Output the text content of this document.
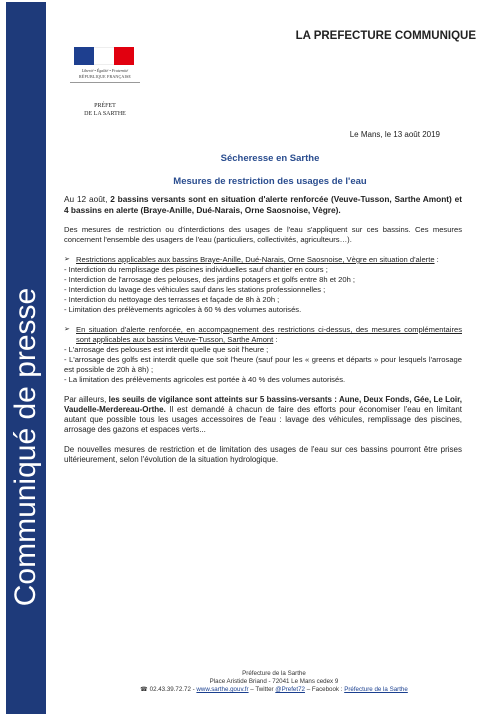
Communiqué de presse
LA PREFECTURE COMMUNIQUE
Liberté • Égalité • Fraternité
RÉPUBLIQUE FRANÇAISE
PRÉFET
DE LA SARTHE
Le Mans, le 13 août 2019
Sécheresse en Sarthe
Mesures de restriction des usages de l'eau

Au 12 août, 2 bassins versants sont en situation d'alerte renforcée (Veuve-Tusson, Sarthe Amont) et 4 bassins en alerte (Braye-Anille, Dué-Narais, Orne Saosnoise, Vègre).

Des mesures de restriction ou d'interdictions des usages de l'eau s'appliquent sur ces bassins. Ces mesures concernent l'ensemble des usagers de l'eau (particuliers, collectivités, agriculteurs…).

➢ Restrictions applicables aux bassins Braye-Anille, Dué-Narais, Orne Saosnoise, Vègre en situation d'alerte :
- Interdiction du remplissage des piscines individuelles sauf chantier en cours ;
- Interdiction de l'arrosage des pelouses, des jardins potagers et golfs entre 8h et 20h ;
- Interdiction du lavage des véhicules sauf dans les stations professionnelles ;
- Interdiction du nettoyage des terrasses et façade de 8h à 20h ;
- Limitation des prélèvements agricoles à 60 % des volumes autorisés.
➢ En situation d'alerte renforcée, en accompagnement des restrictions ci-dessus, des mesures complémentaires sont applicables aux bassins Veuve-Tusson, Sarthe Amont :
- L'arrosage des pelouses est interdit quelle que soit l'heure ;
- L'arrosage des golfs est interdit quelle que soit l'heure (sauf pour les « greens et départs » pour lesquels l'arrosage est possible de 20h à 8h) ;
- La limitation des prélèvements agricoles est portée à 40 % des volumes autorisés.

Par ailleurs, les seuils de vigilance sont atteints sur 5 bassins-versants : Aune, Deux Fonds, Gée, Le Loir, Vaudelle-Merdereau-Orthe. Il est demandé à chacun de faire des efforts pour économiser l'eau en limitant autant que possible tous les usages accessoires de l'eau : lavage des véhicules, remplissage des piscines, arrosage des gazons et espaces verts...

De nouvelles mesures de restriction et de limitation des usages de l'eau sur ces bassins pourront être prises ultérieurement, selon l'évolution de la situation hydrologique.

Préfecture de la Sarthe
Place Aristide Briand - 72041 Le Mans cedex 9
☎ 02.43.39.72.72 - www.sarthe.gouv.fr – Twitter @Prefet72 – Facebook : Préfecture de la Sarthe
